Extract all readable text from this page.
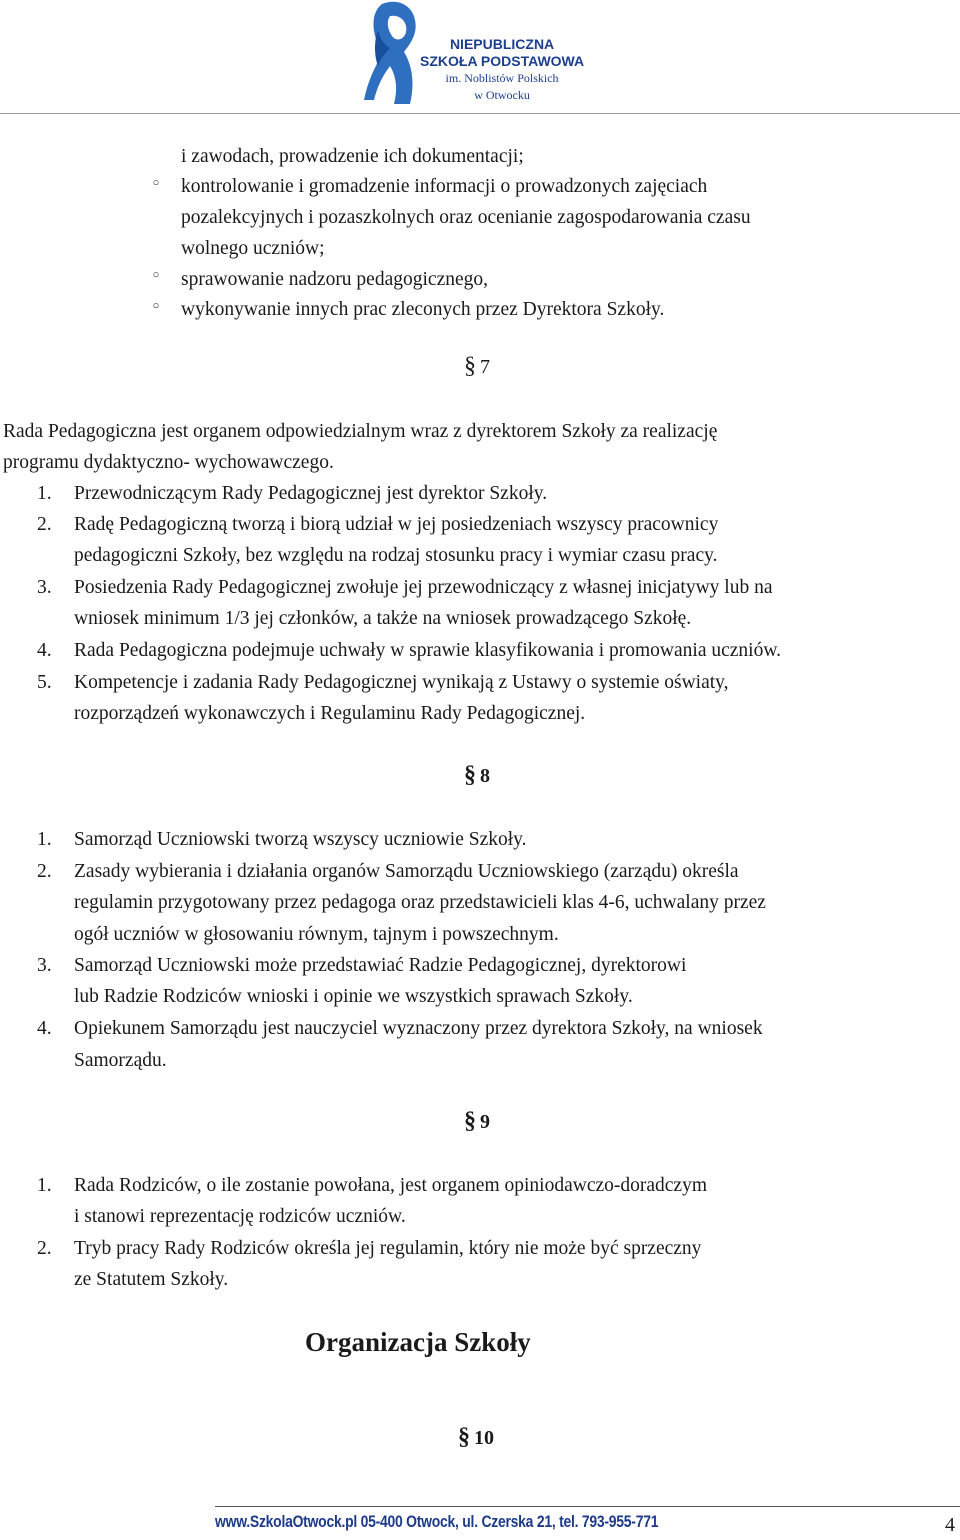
NIEPUBLICZNA
SZKOŁA PODSTAWOWA
im. Noblistów Polskich
w Otwocku
i zawodach, prowadzenie ich dokumentacji;
◦ kontrolowanie i gromadzenie informacji o prowadzonych zajęciach
pozalekcyjnych i pozaszkolnych oraz ocenianie zagospodarowania czasu
wolnego uczniów;
◦ sprawowanie nadzoru pedagogicznego,
◦ wykonywanie innych prac zleconych przez Dyrektora Szkoły.
§ 7
Rada Pedagogiczna jest organem odpowiedzialnym wraz z dyrektorem Szkoły za realizację
programu dydaktyczno- wychowawczego.
1.	Przewodniczącym Rady Pedagogicznej jest dyrektor Szkoły.
2.	Radę Pedagogiczną tworzą i biorą udział w jej posiedzeniach wszyscy pracownicy
pedagogiczni Szkoły, bez względu na rodzaj stosunku pracy i wymiar czasu pracy.
3.	Posiedzenia Rady Pedagogicznej zwołuje jej przewodniczący z własnej inicjatywy lub na
wniosek minimum 1/3 jej członków, a także na wniosek prowadzącego Szkołę.
4.	Rada Pedagogiczna podejmuje uchwały w sprawie klasyfikowania i promowania uczniów.
5.	Kompetencje i zadania Rady Pedagogicznej wynikają z Ustawy o systemie oświaty,
rozporządzeń wykonawczych i Regulaminu Rady Pedagogicznej.
§ 8
1.	Samorząd Uczniowski tworzą wszyscy uczniowie Szkoły.
2.	Zasady wybierania i działania organów Samorządu Uczniowskiego (zarządu) określa
regulamin przygotowany przez pedagoga oraz przedstawicieli klas 4-6, uchwalany przez
ogół uczniów w głosowaniu równym, tajnym i powszechnym.
3.	Samorząd Uczniowski może przedstawiać Radzie Pedagogicznej, dyrektorowi
lub Radzie Rodziców wnioski i opinie we wszystkich sprawach Szkoły.
4.	Opiekunem Samorządu jest nauczyciel wyznaczony przez dyrektora Szkoły, na wniosek
Samorządu.
§ 9
1.	Rada Rodziców, o ile zostanie powołana, jest organem opiniodawczo-doradczym
i stanowi reprezentację rodziców uczniów.
2.	Tryb pracy Rady Rodziców określa jej regulamin, który nie może być sprzeczny
ze Statutem Szkoły.
Organizacja Szkoły
§ 10
www.SzkolaOtwock.pl 05-400 Otwock, ul. Czerska 21, tel. 793-955-771	4
